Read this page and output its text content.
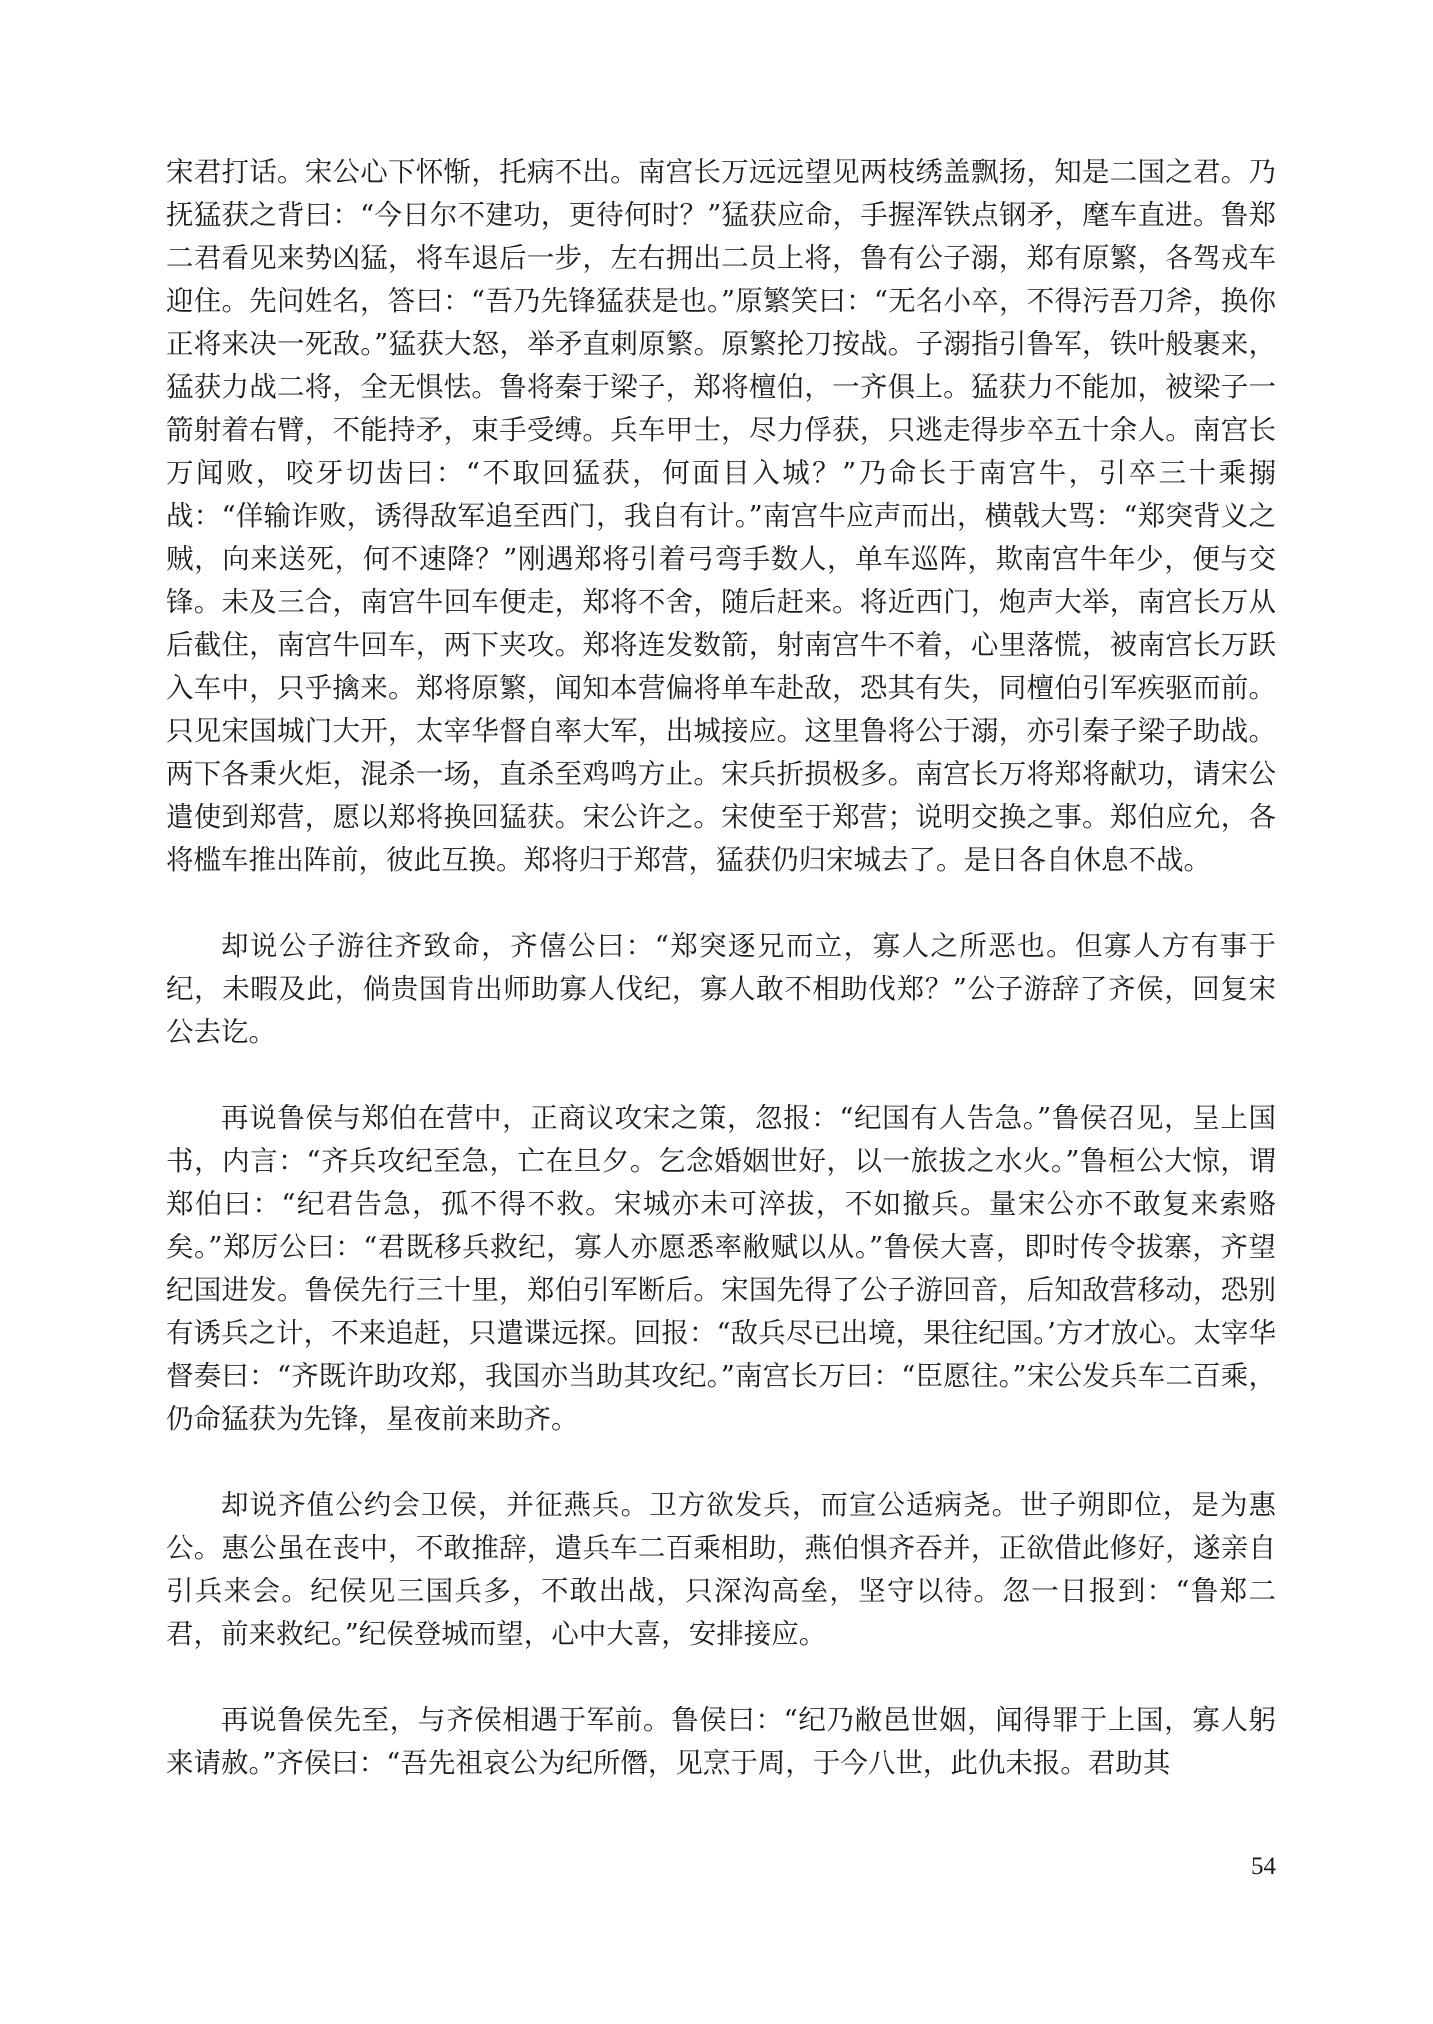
宋君打话。宋公心下怀惭，托病不出。南宫长万远远望见两枝绣盖飘扬，知是二国之君。乃抚猛获之背曰：“今日尔不建功，更待何时？”猛获应命，手握浑铁点钢矛，麾车直进。鲁郑二君看见来势凶猛，将车退后一步，左右拥出二员上将，鲁有公子溺，郑有原繁，各驾戎车迎住。先问姓名，答曰：“吾乃先锋猛获是也。”原繁笑曰：“无名小卒，不得污吾刀斧，换你正将来决一死敌。”猛获大怒，举矛直刺原繁。原繁抡刀按战。子溺指引鲁军，铁叶般裹来，猛获力战二将，全无惧怯。鲁将秦于梁子，郑将檀伯，一齐俱上。猛获力不能加，被梁子一箭射着右臂，不能持矛，束手受缚。兵车甲士，尽力俘获，只逃走得步卒五十余人。南宫长万闻败，咬牙切齿曰：“不取回猛获，何面目入城？”乃命长于南宫牛，引卒三十乘搦战：“佯输诈败，诱得敌军追至西门，我自有计。”南宫牛应声而出，横戟大骂：“郑突背义之贼，向来送死，何不速降？”刚遇郑将引着弓弯手数人，单车巡阵，欺南宫牛年少，便与交锋。未及三合，南宫牛回车便走，郑将不舍，随后赶来。将近西门，炮声大举，南宫长万从后截住，南宫牛回车，两下夹攻。郑将连发数箭，射南宫牛不着，心里落慌，被南宫长万跃入车中，只乎擒来。郑将原繁，闻知本营偏将单车赴敌，恐其有失，同檀伯引军疾驱而前。只见宋国城门大开，太宰华督自率大军，出城接应。这里鲁将公于溺，亦引秦子梁子助战。两下各秉火炬，混杀一场，直杀至鸡鸣方止。宋兵折损极多。南宫长万将郑将献功，请宋公遣使到郑营，愿以郑将换回猛获。宋公许之。宋使至于郑营；说明交换之事。郑伯应允，各将槛车推出阵前，彼此互换。郑将归于郑营，猛获仍归宋城去了。是日各自休息不战。

却说公子游往齐致命，齐僖公曰：“郑突逐兄而立，寡人之所恶也。但寡人方有事于纪，未暇及此，倘贵国肯出师助寡人伐纪，寡人敢不相助伐郑？”公子游辞了齐侯，回复宋公去讫。

再说鲁侯与郑伯在营中，正商议攻宋之策，忽报：“纪国有人告急。”鲁侯召见，呈上国书，内言：“齐兵攻纪至急，亡在旦夕。乞念婚姻世好，以一旅拔之水火。”鲁桓公大惊，谓郑伯曰：“纪君告急，孤不得不救。宋城亦未可淬拔，不如撤兵。量宋公亦不敢复来索赂矣。”郑厉公曰：“君既移兵救纪，寡人亦愿悉率敝赋以从。”鲁侯大喜，即时传令拔寨，齐望纪国进发。鲁侯先行三十里，郑伯引军断后。宋国先得了公子游回音，后知敌营移动，恐别有诱兵之计，不来追赶，只遣谍远探。回报：“敌兵尽已出境，果往纪国。’方才放心。太宰华督奏曰：“齐既许助攻郑，我国亦当助其攻纪。”南宫长万曰：“臣愿往。”宋公发兵车二百乘，仍命猛获为先锋，星夜前来助齐。

却说齐值公约会卫侯，并征燕兵。卫方欲发兵，而宣公适病尧。世子朔即位，是为惠公。惠公虽在丧中，不敢推辞，遣兵车二百乘相助，燕伯惧齐吞并，正欲借此修好，遂亲自引兵来会。纪侯见三国兵多，不敢出战，只深沟高垒，坚守以待。忽一日报到：“鲁郑二君，前来救纪。”纪侯登城而望，心中大喜，安排接应。

再说鲁侯先至，与齐侯相遇于军前。鲁侯曰：“纪乃敝邑世姻，闻得罪于上国，寡人躬来请赦。”齐侯曰：“吾先祖哀公为纪所僭，见烹于周，于今八世，此仇未报。君助其

54
